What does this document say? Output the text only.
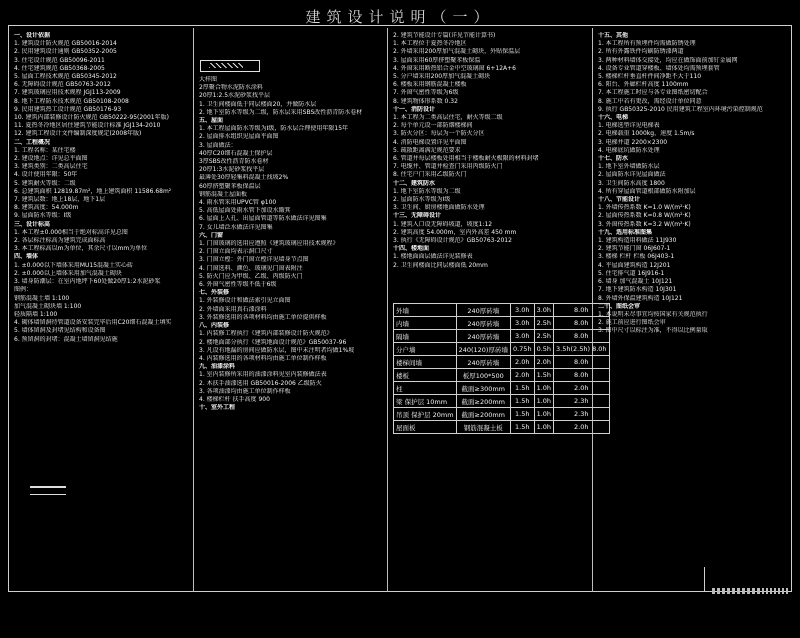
建筑设计说明（一）
一、设计依据
1. 建筑设计防火规范 GB50016-2014
2. 民用建筑设计通则 GB50352-2005
3. 住宅设计规范 GB50096-2011
4. 住宅建筑规范 GB50368-2005
5. 屋面工程技术规范 GB50345-2012
6. 无障碍设计规范 GB50763-2012
7. 建筑玻璃应用技术规程 JGJ113-2009
8. 地下工程防水技术规范 GB50108-2008
9. 民用建筑热工设计规范 GB50176-93
10. 建筑内部装修设计防火规范 GB50222-95(2001年版)
11. 夏热冬冷地区居住建筑节能设计标准 JGJ134-2010
12. 建筑工程设计文件编制深度规定(2008年版)
二、工程概况
1. 工程名称：某住宅楼
2. 建设地点：详见总平面图
3. 建筑类别：二类高层住宅
4. 设计使用年限：50年
5. 建筑耐火等级：二级
6. 总建筑面积 12819.87m²，地上建筑面积 11586.68m²
7. 建筑层数：地上18层，地下1层
8. 建筑高度：54.000m
9. 屋面防水等级：I级
三、设计标高
1. 本工程±0.000相当于绝对标高详见总图
2. 各层标注标高为建筑完成面标高
3. 本工程标高以m为单位，其余尺寸以mm为单位
四、墙体
1. ±0.000以下墙体采用MU15混凝土实心砖
2. ±0.000以上墙体采用加气混凝土砌块
3. 墙身防潮层：在室内地坪下60处做20厚1:2水泥砂浆
图例：
钢筋混凝土墙 1:100
加气混凝土砌块墙 1:100
轻质隔墙 1:100
4. 砌体墙留洞待管道设备安装完毕后用C20细石混凝土填实
5. 墙体留洞及封堵见结构和设备图
6. 预留洞的封堵：混凝土墙留洞见结施
大样图
2厚聚合物水泥防水涂料
20厚1:2.5水泥砂浆找平层
1. 卫生间楼面低于同层楼面20，并做防水层
2. 地下室防水等级为二级，防水层采用SBS改性沥青防水卷材
五、屋面
1. 本工程屋面防水等级为I级，防水层合理使用年限15年
2. 屋面排水组织见屋面平面图
3. 屋面做法：
40厚C20细石混凝土保护层
3厚SBS改性沥青防水卷材
20厚1:3水泥砂浆找平层
最薄处30厚轻集料混凝土找坡2%
60厚挤塑聚苯板保温层
钢筋混凝土屋面板
4. 雨水管采用UPVC管 φ100
5. 高低屋面处雨水管下加设水簸箕
6. 屋面上人孔、出屋面管道等防水做法详见图集
7. 女儿墙泛水做法详见图集
六、门窗
1. 门窗玻璃的选用应遵照《建筑玻璃应用技术规程》
2. 门窗立面均表示洞口尺寸
3. 门窗立樘：外门窗立樘详见墙身节点图
4. 门窗选料、颜色、玻璃见门窗表附注
5. 防火门应为甲级、乙级、丙级防火门
6. 外窗气密性等级不低于6级
七、外装修
1. 外装修设计和做法索引见立面图
2. 外墙面采用真石漆涂料
3. 外装修选用的各项材料均由施工单位提供样板
八、内装修
1. 内装修工程执行《建筑内部装修设计防火规范》
2. 楼地面部分执行《建筑地面设计规范》GB50037-96
3. 凡设有地漏的房间应做防水层，图中未注明者均做1%坡
4. 内装修选用的各项材料均由施工单位制作样板
九、油漆涂料
1. 室内装修所采用的油漆涂料见室内装修做法表
2. 木扶手油漆选用 GB50016-2006 乙级防火
3. 各项油漆均由施工单位制作样板
4. 楼梯栏杆 扶手高度 900
十、室外工程
2. 建筑节能设计专篇(详见节能计算书)
1. 本工程位于夏热冬冷地区
2. 外墙采用200厚加气混凝土砌块，外贴保温层
3. 屋面采用60厚挤塑聚苯板保温
4. 外窗采用断热铝合金中空玻璃窗 6+12A+6
5. 分户墙采用200厚加气混凝土砌块
6. 楼板采用钢筋混凝土楼板
7. 外窗气密性等级为6级
8. 建筑物体形系数 0.32
十一、消防设计
1. 本工程为二类高层住宅，耐火等级二级
2. 每个单元设一部防烟楼梯间
3. 防火分区：每层为一个防火分区
4. 消防电梯设置详见平面图
5. 疏散距离满足规范要求
6. 管道井每层楼板处用相当于楼板耐火极限的材料封堵
7. 电缆井、管道井检查门采用丙级防火门
8. 住宅户门采用乙级防火门
十二、建筑防水
1. 地下室防水等级为二级
2. 屋面防水等级为I级
3. 卫生间、厨房楼地面做防水处理
十三、无障碍设计
1. 建筑入口设无障碍坡道，坡度1:12
2. 建筑高度 54.000m，室内外高差 450 mm
3. 执行《无障碍设计规范》GB50763-2012
十四、楼地面
1. 楼地面面层做法详见装修表
2. 卫生间楼面比同层楼面低 20mm
十五、其他
1. 本工程所有预埋件均需做防锈处理
2. 所有外露铁件均刷防锈漆两道
3. 两种材料墙体交接处，均应在做饰面前加钉金属网
4. 设备专业管道穿楼板、墙体处均需预埋套管
5. 楼梯栏杆垂直杆件间净距不大于110
6. 阳台、外廊栏杆高度 1100mm
7. 本工程施工时应与各专业图纸密切配合
8. 施工中若有更改，需经设计单位同意
9. 执行 GB50325-2010 民用建筑工程室内环境污染控制规范
十六、电梯
1. 电梯选型详见电梯表
2. 电梯载重 1000kg，速度 1.5m/s
3. 电梯井道 2200×2300
4. 电梯底坑做防水处理
十七、防水
1. 地下室外墙做防水层
2. 屋面防水详见屋面做法
3. 卫生间防水高度 1800
4. 所有穿屋面管道根部做防水附加层
十八、节能设计
1. 外墙传热系数 K=1.0 W/(m²·K)
2. 屋面传热系数 K=0.8 W/(m²·K)
3. 外窗传热系数 K=3.2 W/(m²·K)
十九、选用标准图集
1. 建筑构造用料做法 11J930
2. 建筑节能门窗 06J607-1
3. 楼梯 栏杆 栏板 06J403-1
4. 平屋面建筑构造 12J201
5. 住宅排气道 16J916-1
6. 墙身 加气混凝土 10J121
7. 地下建筑防水构造 10J301
8. 外墙外保温建筑构造 10J121
二十、图纸会审
1. 本说明未尽事宜均按国家有关规范执行
2. 施工前应进行图纸会审
3. 图中尺寸以标注为准，不得以比例量取
外墙	240厚砖墙	3.0h	3.0h	8.0h
内墙	240厚砖墙	3.0h	2.5h	8.0h
隔墙	240厚砖墙	3.0h	2.5h	8.0h
分户墙	240(120)厚砖墙	0.75h	0.5h	3.5h(2.5h) 8.0h
楼梯间墙	240厚砖墙	2.0h	2.0h	8.0h
楼板	板厚100*500	2.0h	1.5h	8.0h
柱	截面≥300mm	1.5h	1.0h	2.0h
梁 保护层 10mm	截面≥200mm	1.5h	1.0h	2.3h
吊顶 保护层 20mm	截面≥200mm	1.5h	1.0h	2.3h
屋面板	钢筋混凝土板	1.5h	1.0h	2.0h
